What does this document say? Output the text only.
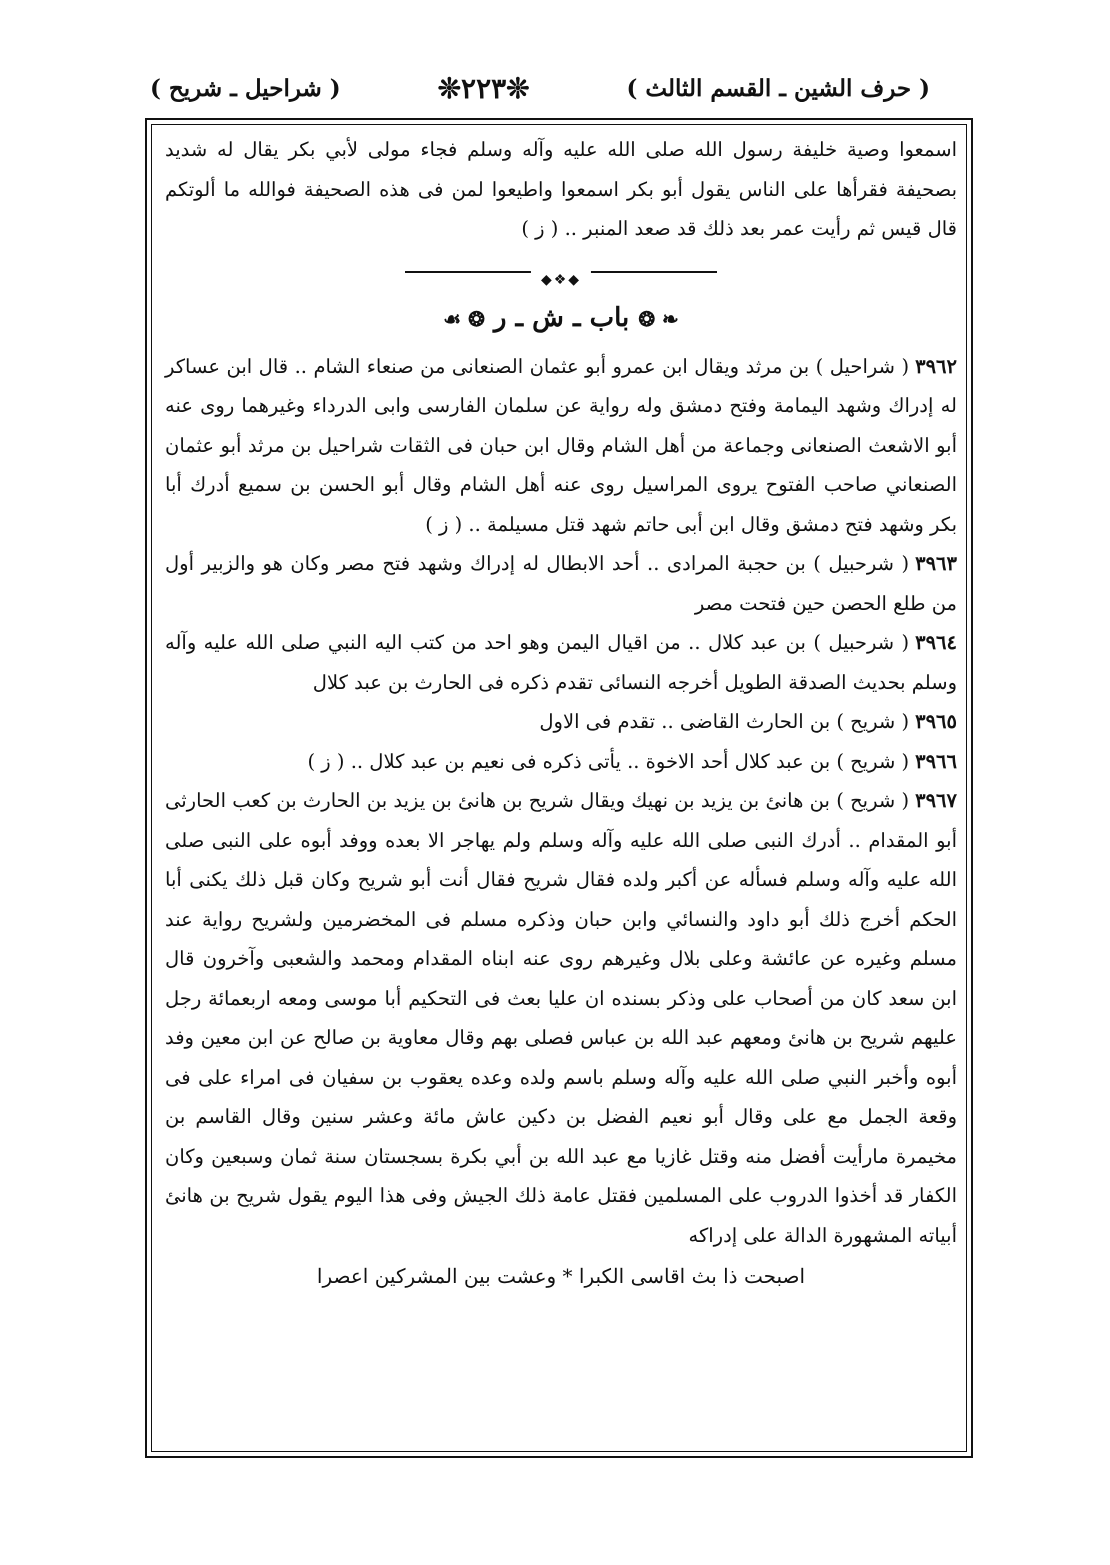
( حرف الشين ـ القسم الثالث )
❊٢٢٣❊
( شراحيل ـ شريح )

اسمعوا وصية خليفة رسول الله صلى الله عليه وآله وسلم فجاء مولى لأبي بكر يقال له شديد بصحيفة فقرأها على الناس يقول أبو بكر اسمعوا واطيعوا لمن فى هذه الصحيفة فوالله ما ألوتكم قال قيس ثم رأيت عمر بعد ذلك قد صعد المنبر .. ( ز )

◆❖◆
❧ ❂ باب ـ ش ـ ر ❂ ☙

٣٩٦٢( شراحيل ) بن مرثد ويقال ابن عمرو أبو عثمان الصنعانى من صنعاء الشام .. قال ابن عساكر له إدراك وشهد اليمامة وفتح دمشق وله رواية عن سلمان الفارسى وابى الدرداء وغيرهما روى عنه أبو الاشعث الصنعانى وجماعة من أهل الشام وقال ابن حبان فى الثقات شراحيل بن مرثد أبو عثمان الصنعاني صاحب الفتوح يروى المراسيل روى عنه أهل الشام وقال أبو الحسن بن سميع أدرك أبا بكر وشهد فتح دمشق وقال ابن أبى حاتم شهد قتل مسيلمة .. ( ز )

٣٩٦٣( شرحبيل ) بن حجبة المرادى .. أحد الابطال له إدراك وشهد فتح مصر وكان هو والزبير أول من طلع الحصن حين فتحت مصر

٣٩٦٤( شرحبيل ) بن عبد كلال .. من اقيال اليمن وهو احد من كتب اليه النبي صلى الله عليه وآله وسلم بحديث الصدقة الطويل أخرجه النسائى تقدم ذكره فى الحارث بن عبد كلال

٣٩٦٥( شريح ) بن الحارث القاضى .. تقدم فى الاول

٣٩٦٦( شريح ) بن عبد كلال أحد الاخوة .. يأتى ذكره فى نعيم بن عبد كلال .. ( ز )

٣٩٦٧( شريح ) بن هانئ بن يزيد بن نهيك ويقال شريح بن هانئ بن يزيد بن الحارث بن كعب الحارثى أبو المقدام .. أدرك النبى صلى الله عليه وآله وسلم ولم يهاجر الا بعده ووفد أبوه على النبى صلى الله عليه وآله وسلم فسأله عن أكبر ولده فقال شريح فقال أنت أبو شريح وكان قبل ذلك يكنى أبا الحكم أخرج ذلك أبو داود والنسائي وابن حبان وذكره مسلم فى المخضرمين ولشريح رواية عند مسلم وغيره عن عائشة وعلى بلال وغيرهم روى عنه ابناه المقدام ومحمد والشعبى وآخرون قال ابن سعد كان من أصحاب على وذكر بسنده ان عليا بعث فى التحكيم أبا موسى ومعه اربعمائة رجل عليهم شريح بن هانئ ومعهم عبد الله بن عباس فصلى بهم وقال معاوية بن صالح عن ابن معين وفد أبوه وأخبر النبي صلى الله عليه وآله وسلم باسم ولده وعده يعقوب بن سفيان فى امراء على فى وقعة الجمل مع على وقال أبو نعيم الفضل بن دكين عاش مائة وعشر سنين وقال القاسم بن مخيمرة مارأيت أفضل منه وقتل غازيا مع عبد الله بن أبي بكرة بسجستان سنة ثمان وسبعين وكان الكفار قد أخذوا الدروب على المسلمين فقتل عامة ذلك الجيش وفى هذا اليوم يقول شريح بن هانئ أبياته المشهورة الدالة على إدراكه

اصبحت ذا بث اقاسى الكبرا * وعشت بين المشركين اعصرا
